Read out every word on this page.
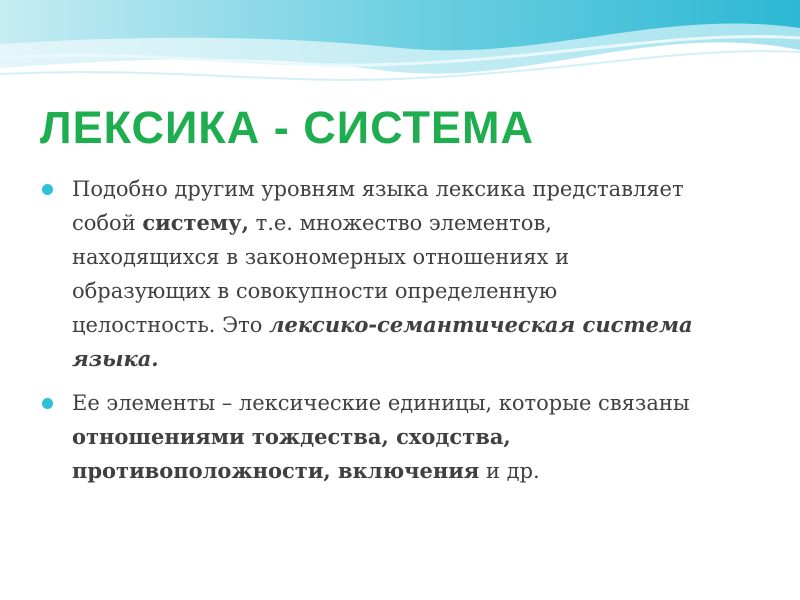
ЛЕКСИКА - СИСТЕМА
Подобно другим уровням языка лексика представляет собой систему, т.е. множество элементов, находящихся в закономерных отношениях и образующих в совокупности определенную целостность. Это лексико-семантическая система языка.
Ее элементы – лексические единицы, которые связаны отношениями тождества, сходства, противоположности, включения и др.
